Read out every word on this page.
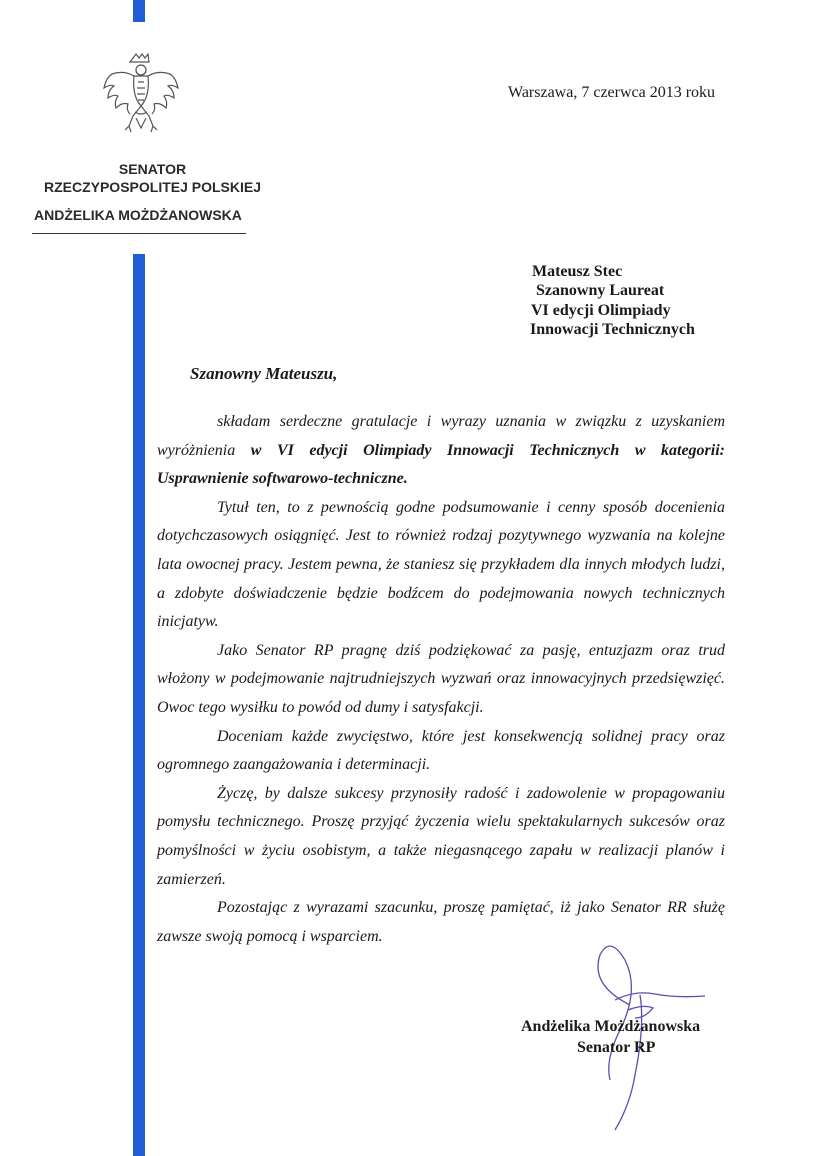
SENATOR
RZECZYPOSPOLITEJ POLSKIEJ
ANDŻELIKA MOŻDŻANOWSKA
Warszawa, 7 czerwca 2013 roku
Mateusz Stec
Szanowny Laureat
VI edycji Olimpiady
Innowacji Technicznych
Szanowny Mateuszu,

składam serdeczne gratulacje i wyrazy uznania w związku z uzyskaniem wyróżnienia w VI edycji Olimpiady Innowacji Technicznych w kategorii: Usprawnienie softwarowo-techniczne.

Tytuł ten, to z pewnością godne podsumowanie i cenny sposób docenienia dotychczasowych osiągnięć. Jest to również rodzaj pozytywnego wyzwania na kolejne lata owocnej pracy. Jestem pewna, że staniesz się przykładem dla innych młodych ludzi, a zdobyte doświadczenie będzie bodźcem do podejmowania nowych technicznych inicjatyw.

Jako Senator RP pragnę dziś podziękować za pasję, entuzjazm oraz trud włożony w podejmowanie najtrudniejszych wyzwań oraz innowacyjnych przedsięwzięć. Owoc tego wysiłku to powód od dumy i satysfakcji.

Doceniam każde zwycięstwo, które jest konsekwencją solidnej pracy oraz ogromnego zaangażowania i determinacji.

Życzę, by dalsze sukcesy przynosiły radość i zadowolenie w propagowaniu pomysłu technicznego. Proszę przyjąć życzenia wielu spektakularnych sukcesów oraz pomyślności w życiu osobistym, a także niegasnącego zapału w realizacji planów i zamierzeń.

Pozostając z wyrazami szacunku, proszę pamiętać, iż jako Senator RR służę zawsze swoją pomocą i wsparciem.

Andżelika Możdżanowska
Senator RP
